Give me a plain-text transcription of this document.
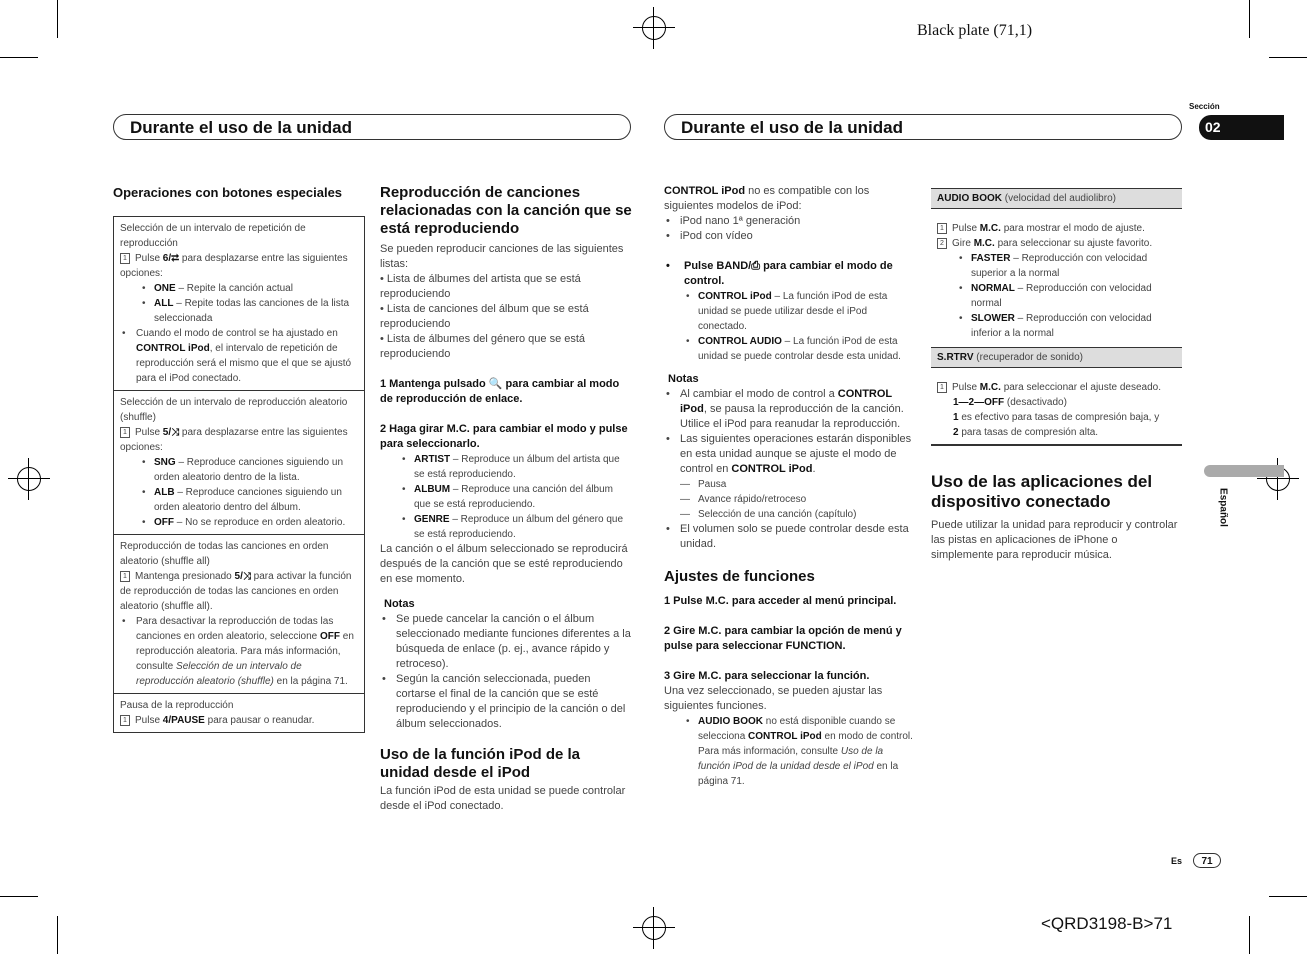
Black plate (71,1)
<QRD3198-B>71
Sección
02
Español
Es	71
Durante el uso de la unidad	Durante el uso de la unidad
Operaciones con botones especiales

Selección de un intervalo de repetición de reproducción

1 Pulse 6/⮂ para desplazarse entre las siguientes opciones:

• ONE – Repite la canción actual

• ALL – Repite todas las canciones de la lista seleccionada

• Cuando el modo de control se ha ajustado en CONTROL iPod, el intervalo de repetición de reproducción será el mismo que el que se ajustó para el iPod conectado.

Selección de un intervalo de reproducción aleatorio (shuffle)

1 Pulse 5/⤨ para desplazarse entre las siguientes opciones:

• SNG – Reproduce canciones siguiendo un orden aleatorio dentro de la lista.

• ALB – Reproduce canciones siguiendo un orden aleatorio dentro del álbum.

• OFF – No se reproduce en orden aleatorio.

Reproducción de todas las canciones en orden aleatorio (shuffle all)

1 Mantenga presionado 5/⤨ para activar la función de reproducción de todas las canciones en orden aleatorio (shuffle all).

• Para desactivar la reproducción de todas las canciones en orden aleatorio, seleccione OFF en reproducción aleatoria. Para más información, consulte Selección de un intervalo de reproducción aleatorio (shuffle) en la página 71.

Pausa de la reproducción

1 Pulse 4/PAUSE para pausar o reanudar.

Reproducción de canciones relacionadas con la canción que se está reproduciendo

Se pueden reproducir canciones de las siguientes listas:

• Lista de álbumes del artista que se está reproduciendo

• Lista de canciones del álbum que se está reproduciendo

• Lista de álbumes del género que se está reproduciendo

1 Mantenga pulsado 🔍 para cambiar al modo de reproducción de enlace.

2 Haga girar M.C. para cambiar el modo y pulse para seleccionarlo.

• ARTIST – Reproduce un álbum del artista que se está reproduciendo.

• ALBUM – Reproduce una canción del álbum que se está reproduciendo.

• GENRE – Reproduce un álbum del género que se está reproduciendo.

La canción o el álbum seleccionado se reproducirá después de la canción que se esté reproduciendo en ese momento.

Notas

• Se puede cancelar la canción o el álbum seleccionado mediante funciones diferentes a la búsqueda de enlace (p. ej., avance rápido y retroceso).

• Según la canción seleccionada, pueden cortarse el final de la canción que se esté reproduciendo y el principio de la canción o del álbum seleccionados.

Uso de la función iPod de la unidad desde el iPod

La función iPod de esta unidad se puede controlar desde el iPod conectado.

CONTROL iPod no es compatible con los siguientes modelos de iPod:

• iPod nano 1ª generación

• iPod con vídeo

• Pulse BAND/⎙ para cambiar el modo de control.

• CONTROL iPod – La función iPod de esta unidad se puede utilizar desde el iPod conectado.

• CONTROL AUDIO – La función iPod de esta unidad se puede controlar desde esta unidad.

Notas

• Al cambiar el modo de control a CONTROL iPod, se pausa la reproducción de la canción. Utilice el iPod para reanudar la reproducción.

• Las siguientes operaciones estarán disponibles en esta unidad aunque se ajuste el modo de control en CONTROL iPod.

— Pausa

— Avance rápido/retroceso

— Selección de una canción (capítulo)

• El volumen solo se puede controlar desde esta unidad.

Ajustes de funciones

1 Pulse M.C. para acceder al menú principal.

2 Gire M.C. para cambiar la opción de menú y pulse para seleccionar FUNCTION.

3 Gire M.C. para seleccionar la función.

Una vez seleccionado, se pueden ajustar las siguientes funciones.

• AUDIO BOOK no está disponible cuando se selecciona CONTROL iPod en modo de control. Para más información, consulte Uso de la función iPod de la unidad desde el iPod en la página 71.

AUDIO BOOK (velocidad del audiolibro)

1 Pulse M.C. para mostrar el modo de ajuste.

2 Gire M.C. para seleccionar su ajuste favorito.

• FASTER – Reproducción con velocidad superior a la normal

• NORMAL – Reproducción con velocidad normal

• SLOWER – Reproducción con velocidad inferior a la normal

S.RTRV (recuperador de sonido)

1 Pulse M.C. para seleccionar el ajuste deseado.

1—2—OFF (desactivado)

1 es efectivo para tasas de compresión baja, y

2 para tasas de compresión alta.

Uso de las aplicaciones del dispositivo conectado

Puede utilizar la unidad para reproducir y controlar las pistas en aplicaciones de iPhone o simplemente para reproducir música.
